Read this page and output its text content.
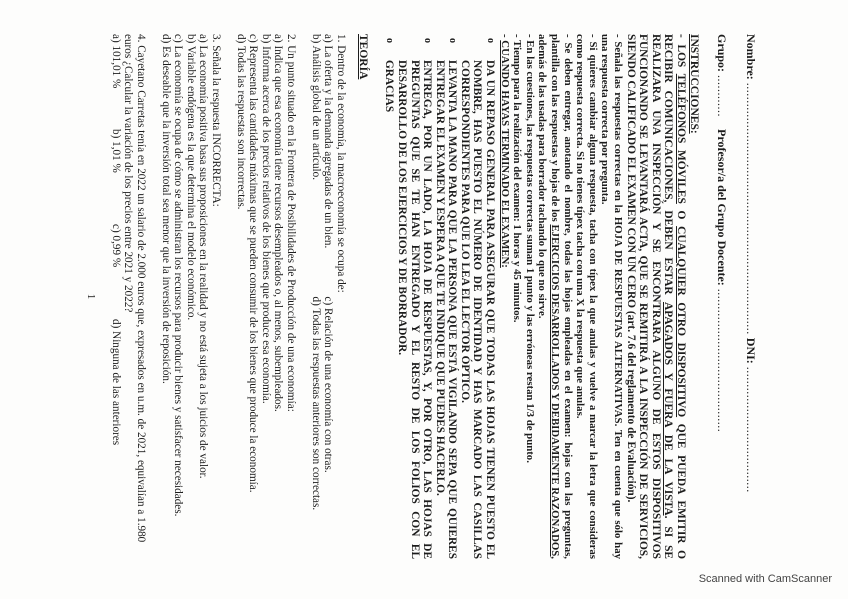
Nombre: ........................................................................ DNI: ....................................

Grupo: ............    Profesor/a del Grupo Docente: .........................................

INSTRUCCIONES:

- LOS TELÉFONOS MÓVILES O CUALQUIER OTRO DISPOSITIVO QUE PUEDA EMITIR O RECIBIR COMUNICACIONES, DEBEN ESTAR APAGADOS Y FUERA DE LA VISTA. SI SE REALIZARA UNA INSPECCIÓN Y SE ENCONTRARA ALGUNO DE ESTOS DISPOSITIVOS FUNCIONANDO SE LEVANTARÁ ACTA, QUE SE REMITIRÁ A LA INSPECCIÓN DE SERVICIOS, SIENDO CALIFICADO EL EXAMEN CON UN CERO (art. 7.6 del reglamento de Evaluación).

- Señala las respuestas correctas en la HOJA DE RESPUESTAS ALTERNATIVAS. Ten en cuenta que sólo hay una respuesta correcta por pregunta.

- Si quieres cambiar alguna respuesta, tacha con típex la que anulas y vuelve a marcar la letra que consideras como respuesta correcta. Si no tienes típex tacha con una X la respuesta que anulas.

- Se deben entregar, anotando el nombre, todas las hojas empleadas en el examen: hojas con las preguntas, plantilla con las respuestas y hojas de los EJERCICIOS DESARROLLADOS Y DEBIDAMENTE RAZONADOS, además de las usadas para borrador tachando lo que no sirve.

- En las cuestiones, las respuestas correctas suman 1 punto y las erróneas restan 1/3 de punto.

- Tiempo para la realización del examen: 1 horas y 45 minutos.

- CUANDO HAYAS TERMINADO EL EXAMEN:

o
DA UN REPASO GENERAL PARA ASEGURAR QUE TODAS LAS HOJAS TIENEN PUESTO EL NOMBRE, HAS PUESTO EL NÚMERO DE IDENTIDAD Y HAS MARCADO LAS CASILLAS CORRESPONDIENTES PARA QUE LO LEA EL LECTOR ÓPTICO.
o
LEVANTA LA MANO PARA QUE LA PERSONA QUE ESTÁ VIGILANDO SEPA QUE QUIERES ENTREGAR EL EXAMEN Y ESPERA A QUE TE INDIQUE QUE PUEDES HACERLO.
o
ENTREGA, POR UN LADO, LA HOJA DE RESPUESTAS, Y, POR OTRO, LAS HOJAS DE PREGUNTAS QUE SE TE HAN ENTREGADO Y EL RESTO DE LOS FOLIOS CON EL DESARROLLO DE LOS EJERCICIOS Y DE BORRADOR.
o
GRACIAS
TEORÍA

1. Dentro de la economía, la macroeconomía se ocupa de:

a) La oferta y la demanda agregadas de un bien.

c) Relación de una economía con otras.

b) Análisis global de un artículo.

d) Todas las respuestas anteriores son correctas.

2. Un punto situado en la Frontera de Posibilidades de Producción de una economía:

a) Indica que esa economía tiene recursos desempleados o, al menos, subempleados.

b) Informa acerca de los precios relativos de los bienes que produce esa economía.

c) Representa las cantidades máximas que se pueden consumir de los bienes que produce la economía.

d) Todas las respuestas son incorrectas.

3. Señala la respuesta INCORRECTA:

a) La economía positiva basa sus proposiciones en la realidad y no está sujeta a los juicios de valor.

b) Variable endógena es la que determina el modelo económico.

c) La economía se ocupa de cómo se administran los recursos para producir bienes y satisfacer necesidades.

d) Es deseable que la inversión total sea menor que la inversión de reposición.

4. Cayetano Carretas tenía en 2022 un salario de 2.000 euros que, expresados en u.m. de 2021, equivalían a 1.980 euros ¿Calcular la variación de los precios entre 2021 y 2022?

a) 101,01 %

b) 1,01 %

c) 0,99 %

d) Ninguna de las anteriores

1
Scanned with CamScanner
